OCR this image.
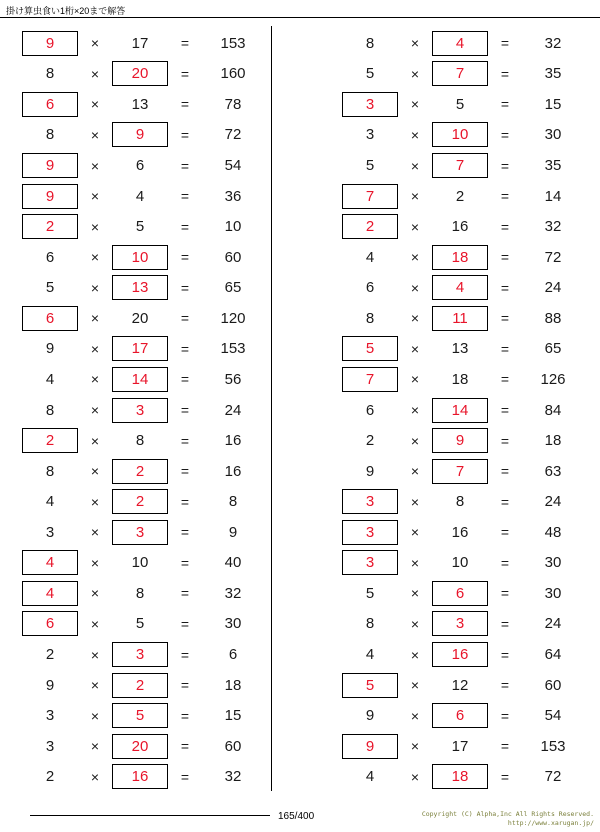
掛け算虫食い1桁×20まで解答
9	×	17	=	153
8	×	20	=	160
6	×	13	=	78
8	×	9	=	72
9	×	6	=	54
9	×	4	=	36
2	×	5	=	10
6	×	10	=	60
5	×	13	=	65
6	×	20	=	120
9	×	17	=	153
4	×	14	=	56
8	×	3	=	24
2	×	8	=	16
8	×	2	=	16
4	×	2	=	8
3	×	3	=	9
4	×	10	=	40
4	×	8	=	32
6	×	5	=	30
2	×	3	=	6
9	×	2	=	18
3	×	5	=	15
3	×	20	=	60
2	×	16	=	32
8	×	4	=	32
5	×	7	=	35
3	×	5	=	15
3	×	10	=	30
5	×	7	=	35
7	×	2	=	14
2	×	16	=	32
4	×	18	=	72
6	×	4	=	24
8	×	11	=	88
5	×	13	=	65
7	×	18	=	126
6	×	14	=	84
2	×	9	=	18
9	×	7	=	63
3	×	8	=	24
3	×	16	=	48
3	×	10	=	30
5	×	6	=	30
8	×	3	=	24
4	×	16	=	64
5	×	12	=	60
9	×	6	=	54
9	×	17	=	153
4	×	18	=	72
165/400	Copyright (C) Alpha,Inc All Rights Reserved.
http://www.xarugan.jp/
